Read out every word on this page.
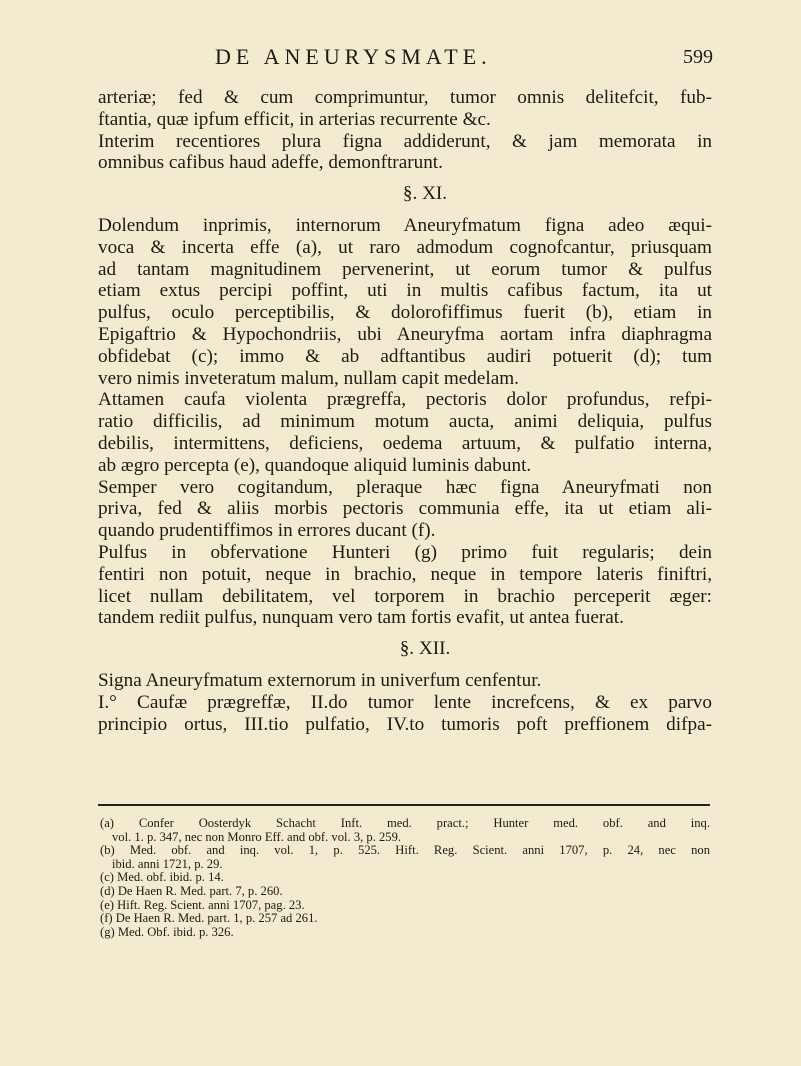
DE ANEURYSMATE.	599
arteriæ; fed & cum comprimuntur, tumor omnis delitefcit, fub-
ftantia, quæ ipfum efficit, in arterias recurrente &c.
Interim recentiores plura figna addiderunt, & jam memorata in
omnibus cafibus haud adeffe, demonftrarunt.
§. XI.
Dolendum inprimis, internorum Aneuryfmatum figna adeo æqui-
voca & incerta effe (a), ut raro admodum cognofcantur, priusquam
ad tantam magnitudinem pervenerint, ut eorum tumor & pulfus
etiam extus percipi poffint, uti in multis cafibus factum, ita ut
pulfus, oculo perceptibilis, & dolorofiffimus fuerit (b), etiam in
Epigaftrio & Hypochondriis, ubi Aneuryfma aortam infra diaphragma
obfidebat (c); immo & ab adftantibus audiri potuerit (d); tum
vero nimis inveteratum malum, nullam capit medelam.
Attamen caufa violenta prægreffa, pectoris dolor profundus, refpi-
ratio difficilis, ad minimum motum aucta, animi deliquia, pulfus
debilis, intermittens, deficiens, oedema artuum, & pulfatio interna,
ab ægro percepta (e), quandoque aliquid luminis dabunt.
Semper vero cogitandum, pleraque hæc figna Aneuryfmati non
priva, fed & aliis morbis pectoris communia effe, ita ut etiam ali-
quando prudentiffimos in errores ducant (f).
Pulfus in obfervatione Hunteri (g) primo fuit regularis; dein
fentiri non potuit, neque in brachio, neque in tempore lateris finiftri,
licet nullam debilitatem, vel torporem in brachio perceperit æger:
tandem rediit pulfus, nunquam vero tam fortis evafit, ut antea fuerat.
§. XII.
Signa Aneuryfmatum externorum in univerfum cenfentur.
I.° Caufæ prægreffæ, II.do tumor lente increfcens, & ex parvo
principio ortus, III.tio pulfatio, IV.to tumoris poft preffionem difpa-
(a) Confer Oosterdyk Schacht Inft. med. pract.; Hunter med. obf. and inq.
vol. 1. p. 347, nec non Monro Eff. and obf. vol. 3, p. 259.
(b) Med. obf. and inq. vol. 1, p. 525. Hift. Reg. Scient. anni 1707, p. 24, nec non
ibid. anni 1721, p. 29.
(c) Med. obf. ibid. p. 14.
(d) De Haen R. Med. part. 7, p. 260.
(e) Hift. Reg. Scient. anni 1707, pag. 23.
(f) De Haen R. Med. part. 1, p. 257 ad 261.
(g) Med. Obf. ibid. p. 326.
